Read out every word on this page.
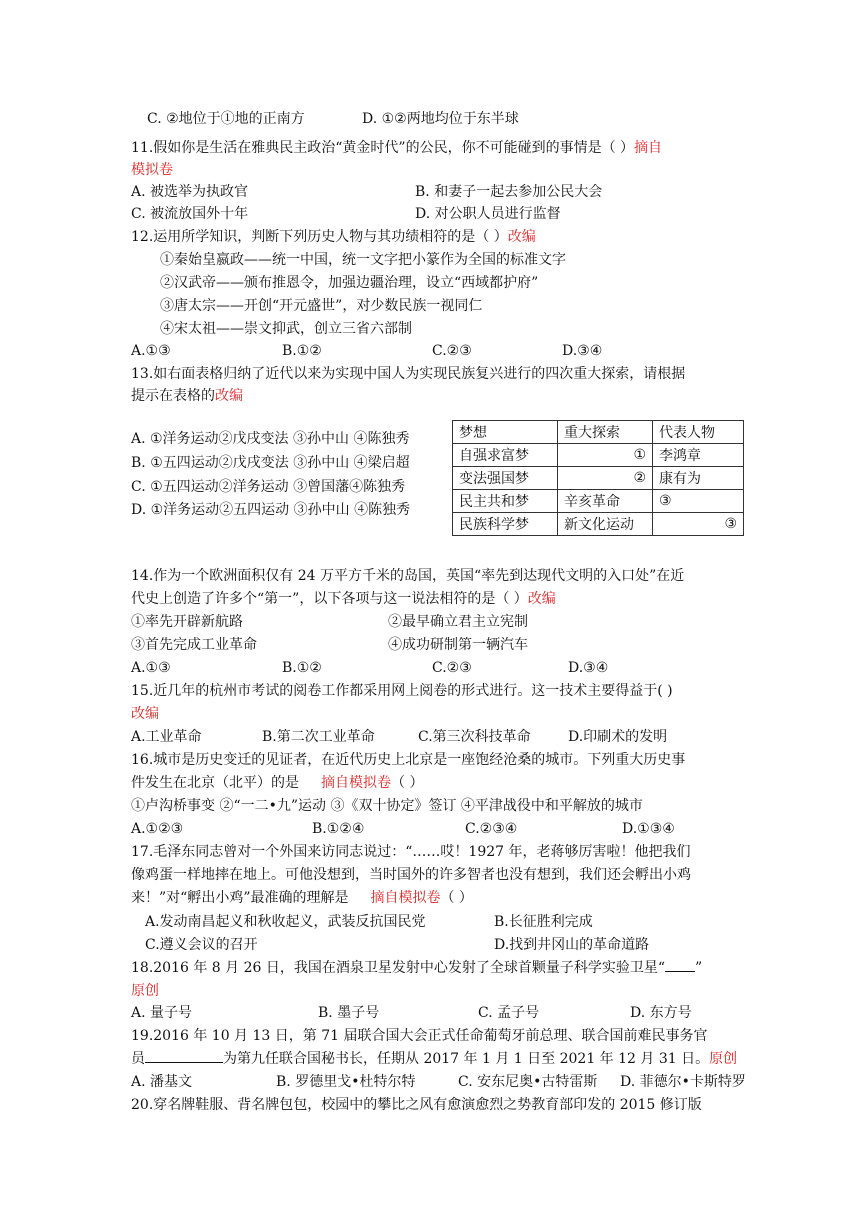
C. ②地位于①地的正南方	D. ①②两地均位于东半球
11.假如你是生活在雅典民主政治“黄金时代”的公民，你不可能碰到的事情是（ ）摘自
模拟卷
A. 被选举为执政官	B. 和妻子一起去参加公民大会
C. 被流放国外十年	D. 对公职人员进行监督
12.运用所学知识，判断下列历史人物与其功绩相符的是（ ）改编
①秦始皇嬴政——统一中国，统一文字把小篆作为全国的标准文字
②汉武帝——颁布推恩令，加强边疆治理，设立“西域都护府”
③唐太宗——开创“开元盛世”，对少数民族一视同仁
④宋太祖——崇文抑武，创立三省六部制
A.①③	B.①②	C.②③	D.③④
13.如右面表格归纳了近代以来为实现中国人为实现民族复兴进行的四次重大探索，请根据
提示在表格的改编
A. ①洋务运动②戊戌变法 ③孙中山 ④陈独秀
B. ①五四运动②戊戌变法 ③孙中山 ④梁启超
C. ①五四运动②洋务运动 ③曾国藩④陈独秀
D. ①洋务运动②五四运动 ③孙中山 ④陈独秀
梦想	重大探索	代表人物
自强求富梦	①	李鸿章
变法强国梦	②	康有为
民主共和梦	辛亥革命	③
民族科学梦	新文化运动	③
14.作为一个欧洲面积仅有 24 万平方千米的岛国，英国“率先到达现代文明的入口处”在近
代史上创造了许多个“第一”，以下各项与这一说法相符的是（ ）改编
①率先开辟新航路	②最早确立君主立宪制
③首先完成工业革命	④成功研制第一辆汽车
A.①③	B.①②	C.②③	D.③④
15.近几年的杭州市考试的阅卷工作都采用网上阅卷的形式进行。这一技术主要得益于( )
改编
A.工业革命	B.第二次工业革命	C.第三次科技革命	D.印刷术的发明
16.城市是历史变迁的见证者，在近代历史上北京是一座饱经沧桑的城市。下列重大历史事
件发生在北京（北平）的是 摘自模拟卷（ ）
①卢沟桥事变 ②“一二•九”运动 ③《双十协定》签订 ④平津战役中和平解放的城市
A.①②③	B.①②④	C.②③④	D.①③④
17.毛泽东同志曾对一个外国来访同志说过：“……哎！1927 年，老蒋够厉害啦！他把我们
像鸡蛋一样地摔在地上。可他没想到，当时国外的许多智者也没有想到，我们还会孵出小鸡
来！”对“孵出小鸡”最准确的理解是 摘自模拟卷（ ）
A.发动南昌起义和秋收起义，武装反抗国民党	B.长征胜利完成
C.遵义会议的召开	D.找到井冈山的革命道路
18.2016 年 8 月 26 日，我国在酒泉卫星发射中心发射了全球首颗量子科学实验卫星“ ”
原创
A. 量子号	B. 墨子号	C. 孟子号	D. 东方号
19.2016 年 10 月 13 日，第 71 届联合国大会正式任命葡萄牙前总理、联合国前难民事务官
员	为第九任联合国秘书长，任期从 2017 年 1 月 1 日至 2021 年 12 月 31 日。原创
A. 潘基文	B. 罗德里戈•杜特尔特	C. 安东尼奥•古特雷斯 D. 菲德尔•卡斯特罗
20.穿名牌鞋服、背名牌包包，校园中的攀比之风有愈演愈烈之势教育部印发的 2015 修订版
